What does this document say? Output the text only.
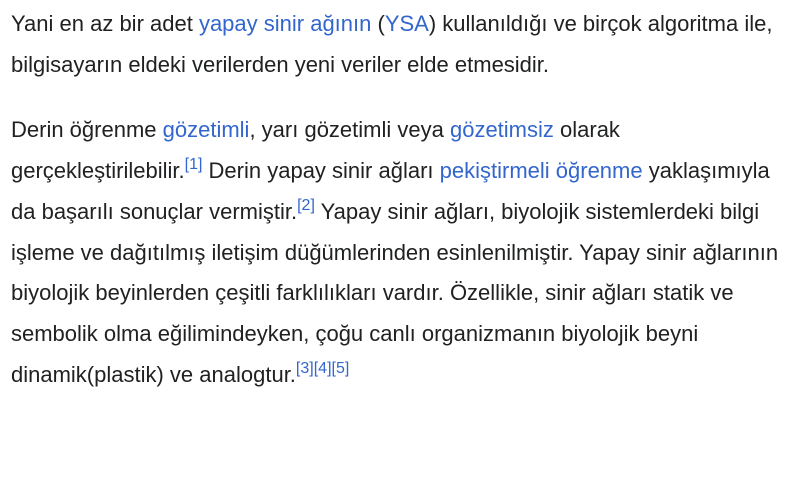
Yani en az bir adet yapay sinir ağının (YSA) kullanıldığı ve birçok algoritma ile, bilgisayarın eldeki verilerden yeni veriler elde etmesidir.

Derin öğrenme gözetimli, yarı gözetimli veya gözetimsiz olarak gerçekleştirilebilir.[1] Derin yapay sinir ağları pekiştirmeli öğrenme yaklaşımıyla da başarılı sonuçlar vermiştir.[2] Yapay sinir ağları, biyolojik sistemlerdeki bilgi işleme ve dağıtılmış iletişim düğümlerinden esinlenilmiştir. Yapay sinir ağlarının biyolojik beyinlerden çeşitli farklılıkları vardır. Özellikle, sinir ağları statik ve sembolik olma eğilimindeyken, çoğu canlı organizmanın biyolojik beyni dinamik(plastik) ve analogtur.[3][4][5]
